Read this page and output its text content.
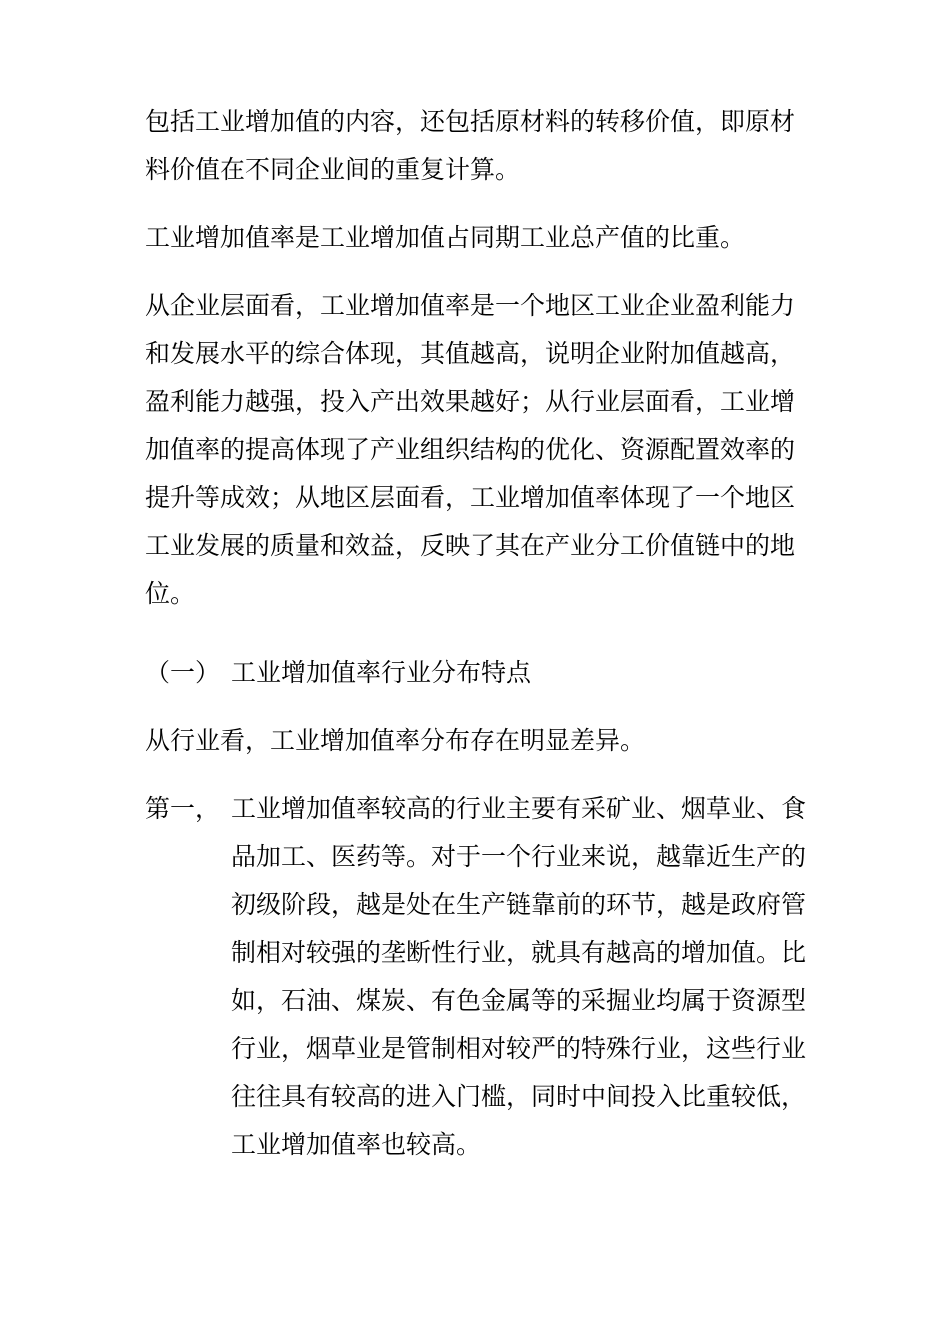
包括工业增加值的内容，还包括原材料的转移价值，即原材料价值在不同企业间的重复计算。

工业增加值率是工业增加值占同期工业总产值的比重。

从企业层面看，工业增加值率是一个地区工业企业盈利能力和发展水平的综合体现，其值越高，说明企业附加值越高，盈利能力越强，投入产出效果越好；从行业层面看，工业增加值率的提高体现了产业组织结构的优化、资源配置效率的提升等成效；从地区层面看，工业增加值率体现了一个地区工业发展的质量和效益，反映了其在产业分工价值链中的地位。

（一） 工业增加值率行业分布特点

从行业看，工业增加值率分布存在明显差异。

第一， 工业增加值率较高的行业主要有采矿业、烟草业、食品加工、医药等。对于一个行业来说，越靠近生产的初级阶段，越是处在生产链靠前的环节，越是政府管制相对较强的垄断性行业，就具有越高的增加值。比如，石油、煤炭、有色金属等的采掘业均属于资源型行业，烟草业是管制相对较严的特殊行业，这些行业往往具有较高的进入门槛，同时中间投入比重较低，工业增加值率也较高。
